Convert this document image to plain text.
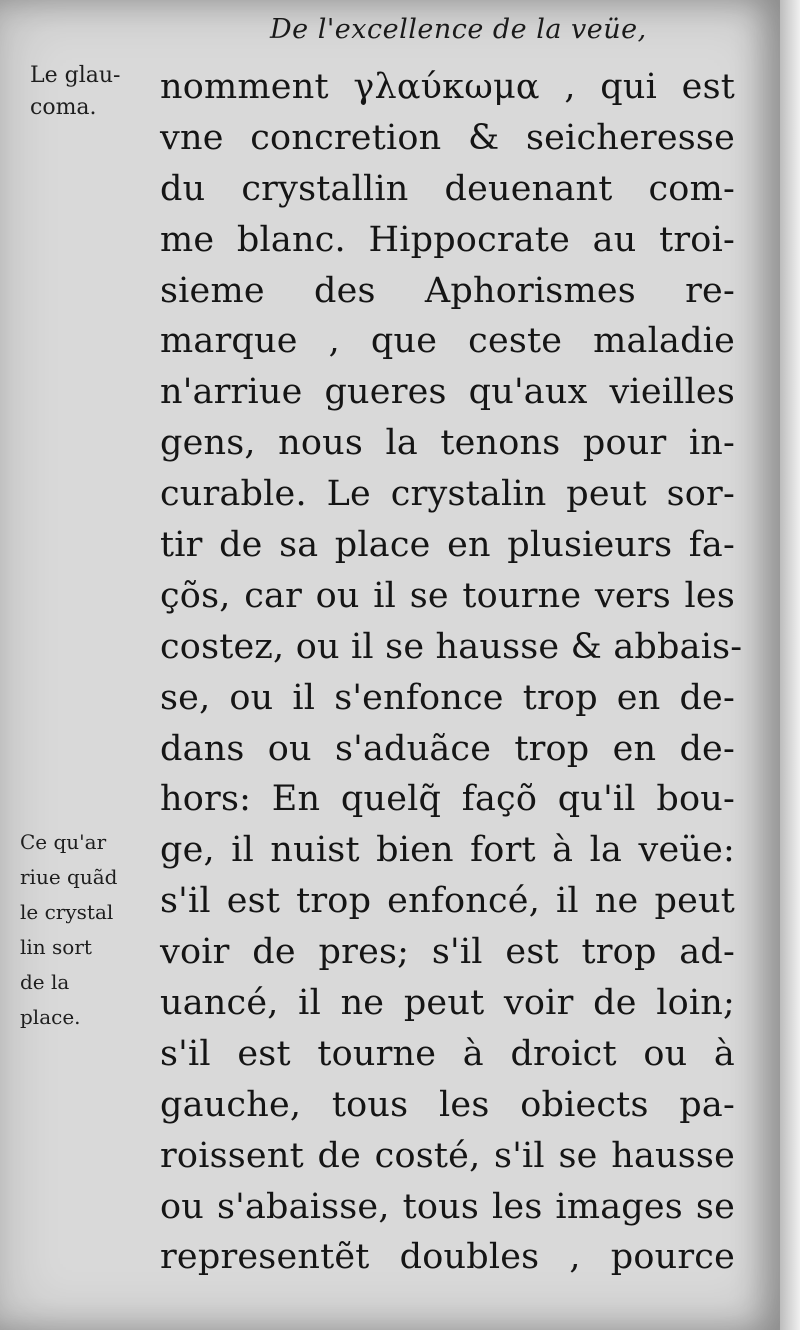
De l'excellence de la veüe,
Le glau-
coma.
Ce qu'ar
riue quãd
le crystal
lin sort
de la
place.
nomment γλαύκωμα , qui est
vne concretion & seicheresse
du crystallin deuenant com-
me blanc. Hippocrate au troi-
sieme des Aphorismes re-
marque , que ceste maladie
n'arriue gueres qu'aux vieilles
gens, nous la tenons pour in-
curable. Le crystalin peut sor-
tir de sa place en plusieurs fa-
çõs, car ou il se tourne vers les
costez, ou il se hausse & abbais-
se, ou il s'enfonce trop en de-
dans ou s'aduãce trop en de-
hors: En quelq̃ façõ qu'il bou-
ge, il nuist bien fort à la veüe:
s'il est trop enfoncé, il ne peut
voir de pres; s'il est trop ad-
uancé, il ne peut voir de loin;
s'il est tourne à droict ou à
gauche, tous les obiects pa-
roissent de costé, s'il se hausse
ou s'abaisse, tous les images se
representẽt doubles , pource
